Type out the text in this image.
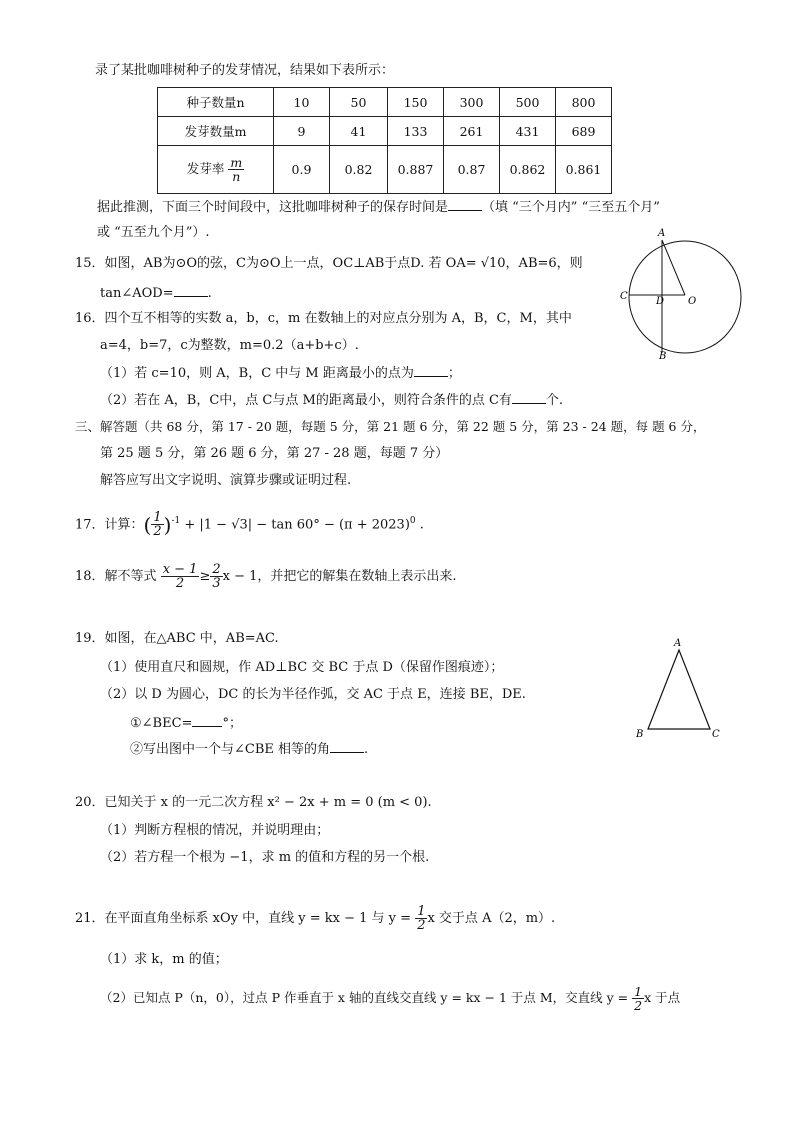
录了某批咖啡树种子的发芽情况，结果如下表所示：
种子数量n	10	50	150	300	500	800
发芽数量m	9	41	133	261	431	689
发芽率 $\frac{m}{n}$	0.9	0.82	0.887	0.87	0.862	0.861
据此推测，下面三个时间段中，这批咖啡树种子的保存时间是	（填 “三个月内” “三至五个月”
或 “五至九个月”）.
15．如图，AB为⊙O的弦，C为⊙O上一点，OC⊥AB于点D. 若 OA= √10，AB=6，则
tan∠AOD=	.
A
B
C	D O
16．四个互不相等的实数 a，b，c，m 在数轴上的对应点分别为 A，B，C，M，其中
a=4，b=7，c为整数，m=0.2（a+b+c）.
（1）若 c=10，则 A，B，C 中与 M 距离最小的点为	；
（2）若在 A，B，C中，点 C与点 M的距离最小，则符合条件的点 C有	个.
三、解答题（共 68 分，第 17 - 20 题，每题 5 分，第 21 题 6 分，第 22 题 5 分，第 23 - 24 题，每 题 6 分，
第 25 题 5 分，第 26 题 6 分，第 27 - 28 题，每题 7 分）
解答应写出文字说明、演算步骤或证明过程.
17．计算：( $\frac{1}{2} )^{-1} + |1 - √3| - \tan 60^\circ - (\pi + 2023)^0$ .
18．解不等式 $\frac{x - 1}{2} \ge \frac{2}{3}$ x − 1，并把它的解集在数轴上表示出来.
19．如图，在△ABC 中，AB=AC.
（1）使用直尺和圆规，作 AD⊥BC 交 BC 于点 D（保留作图痕迹）；
（2）以 D 为圆心，DC 的长为半径作弧，交 AC 于点 E，连接 BE，DE.
①∠BEC= °；
②写出图中一个与∠CBE 相等的角	.
A
B	C
20．已知关于 x 的一元二次方程 x² − 2x + m = 0 (m < 0).
（1）判断方程根的情况，并说明理由；
（2）若方程一个根为 −1，求 m 的值和方程的另一个根.
21．在平面直角坐标系 xOy 中，直线 y = kx − 1 与 $y = \frac{1}{2}$ x 交于点 A（2，m）.
（1）求 k，m 的值；
（2）已知点 P（n，0），过点 P 作垂直于 x 轴的直线交直线 y = kx − 1 于点 M，交直线 $y = \frac{1}{2}$ x 于点
